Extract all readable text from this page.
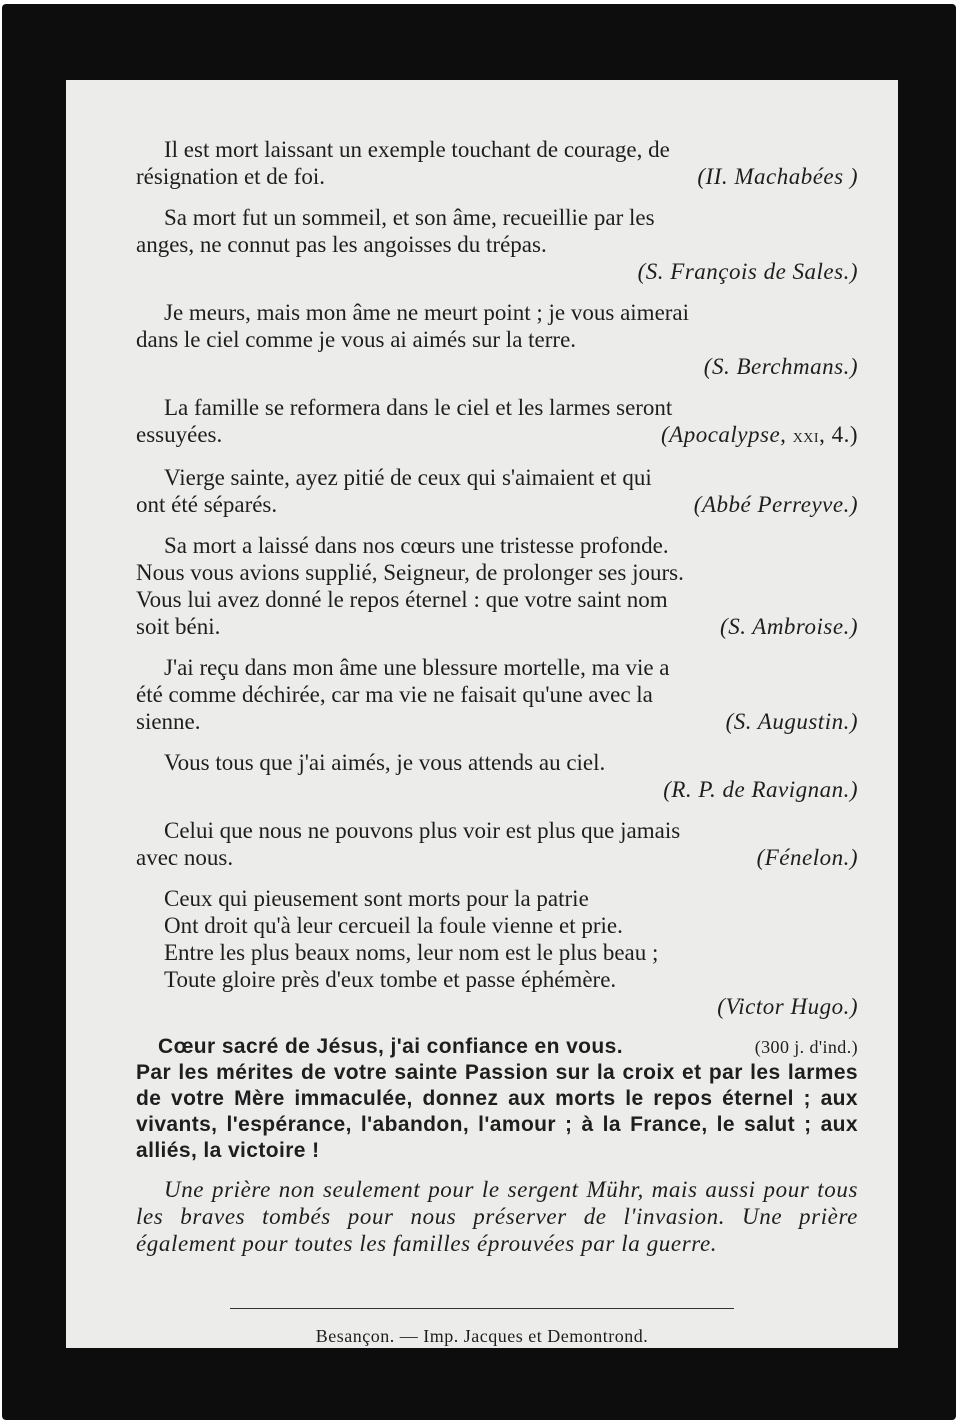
Il est mort laissant un exemple touchant de courage, de

résignation et de foi.	(II. Machabées )

Sa mort fut un sommeil, et son âme, recueillie par les

anges, ne connut pas les angoisses du trépas.

(S. François de Sales.)

Je meurs, mais mon âme ne meurt point ; je vous aimerai

dans le ciel comme je vous ai aimés sur la terre.

(S. Berchmans.)

La famille se reformera dans le ciel et les larmes seront

essuyées.	(Apocalypse, xxi, 4.)

Vierge sainte, ayez pitié de ceux qui s'aimaient et qui

ont été séparés.	(Abbé Perreyve.)

Sa mort a laissé dans nos cœurs une tristesse profonde.

Nous vous avions supplié, Seigneur, de prolonger ses jours.

Vous lui avez donné le repos éternel : que votre saint nom

soit béni.	(S. Ambroise.)

J'ai reçu dans mon âme une blessure mortelle, ma vie a

été comme déchirée, car ma vie ne faisait qu'une avec la

sienne.	(S. Augustin.)

Vous tous que j'ai aimés, je vous attends au ciel.

(R. P. de Ravignan.)

Celui que nous ne pouvons plus voir est plus que jamais

avec nous.	(Fénelon.)

Ceux qui pieusement sont morts pour la patrie

Ont droit qu'à leur cercueil la foule vienne et prie.

Entre les plus beaux noms, leur nom est le plus beau ;

Toute gloire près d'eux tombe et passe éphémère.

(Victor Hugo.)
Cœur sacré de Jésus, j'ai confiance en vous.	(300 j. d'ind.)

Par les mérites de votre sainte Passion sur la croix et par les larmes de votre Mère immaculée, donnez aux morts le repos éternel ; aux vivants, l'espérance, l'abandon, l'amour ; à la France, le salut ; aux alliés, la victoire !

Une prière non seulement pour le sergent Mühr, mais aussi pour tous les braves tombés pour nous préserver de l'invasion. Une prière également pour toutes les familles éprouvées par la guerre.
Besançon. — Imp. Jacques et Demontrond.
